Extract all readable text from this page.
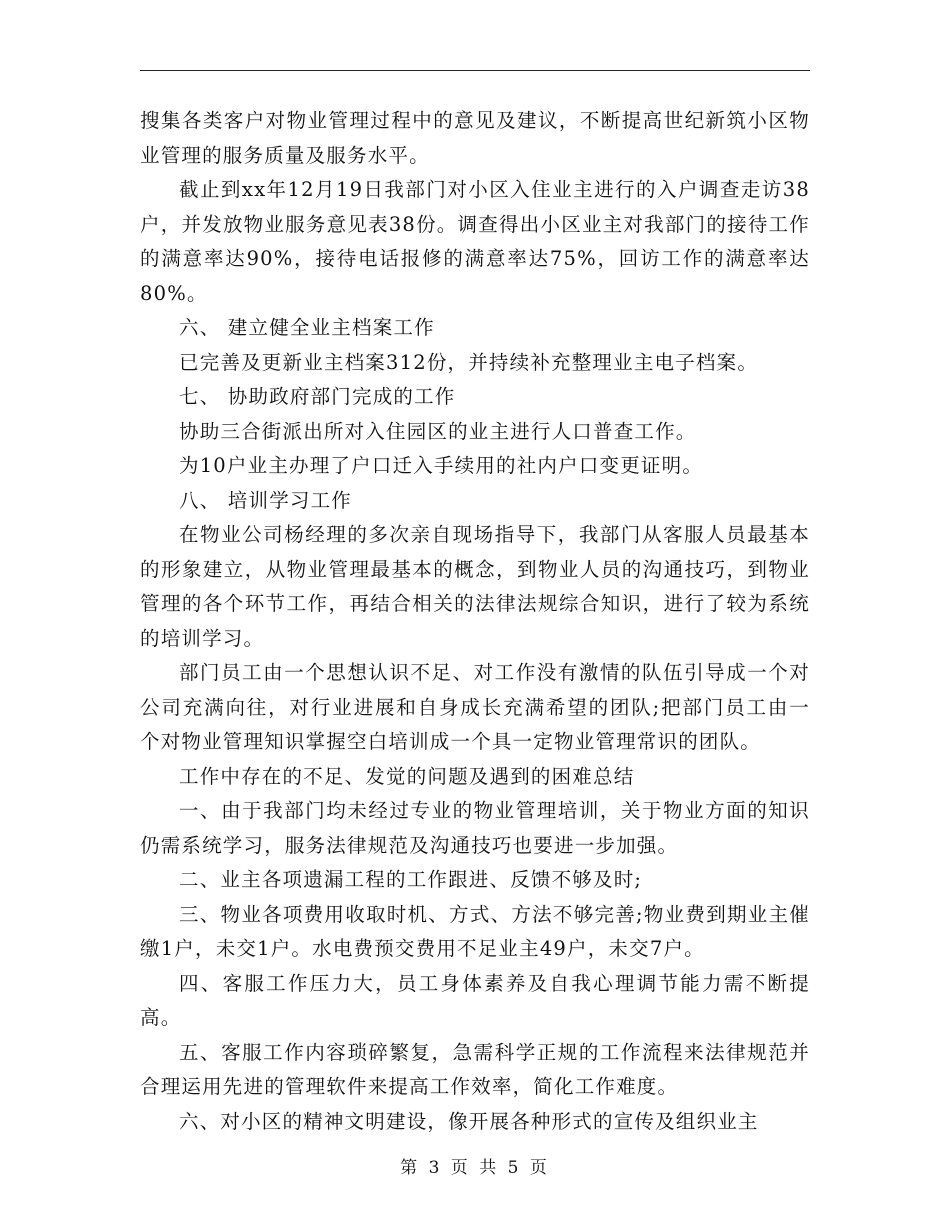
搜集各类客户对物业管理过程中的意见及建议，不断提高世纪新筑小区物业管理的服务质量及服务水平。

截止到xx年12月19日我部门对小区入住业主进行的入户调查走访38户，并发放物业服务意见表38份。调查得出小区业主对我部门的接待工作的满意率达90%，接待电话报修的满意率达75%，回访工作的满意率达80%。

六、 建立健全业主档案工作

已完善及更新业主档案312份，并持续补充整理业主电子档案。

七、 协助政府部门完成的工作

协助三合街派出所对入住园区的业主进行人口普查工作。

为10户业主办理了户口迁入手续用的社内户口变更证明。

八、 培训学习工作

在物业公司杨经理的多次亲自现场指导下，我部门从客服人员最基本的形象建立，从物业管理最基本的概念，到物业人员的沟通技巧，到物业管理的各个环节工作，再结合相关的法律法规综合知识，进行了较为系统的培训学习。

部门员工由一个思想认识不足、对工作没有激情的队伍引导成一个对公司充满向往，对行业进展和自身成长充满希望的团队;把部门员工由一个对物业管理知识掌握空白培训成一个具一定物业管理常识的团队。

工作中存在的不足、发觉的问题及遇到的困难总结

一、由于我部门均未经过专业的物业管理培训，关于物业方面的知识仍需系统学习，服务法律规范及沟通技巧也要进一步加强。

二、业主各项遗漏工程的工作跟进、反馈不够及时;

三、物业各项费用收取时机、方式、方法不够完善;物业费到期业主催缴1户，未交1户。水电费预交费用不足业主49户，未交7户。

四、客服工作压力大，员工身体素养及自我心理调节能力需不断提高。

五、客服工作内容琐碎繁复，急需科学正规的工作流程来法律规范并合理运用先进的管理软件来提高工作效率，简化工作难度。

六、对小区的精神文明建设，像开展各种形式的宣传及组织业主

第 3 页 共 5 页
